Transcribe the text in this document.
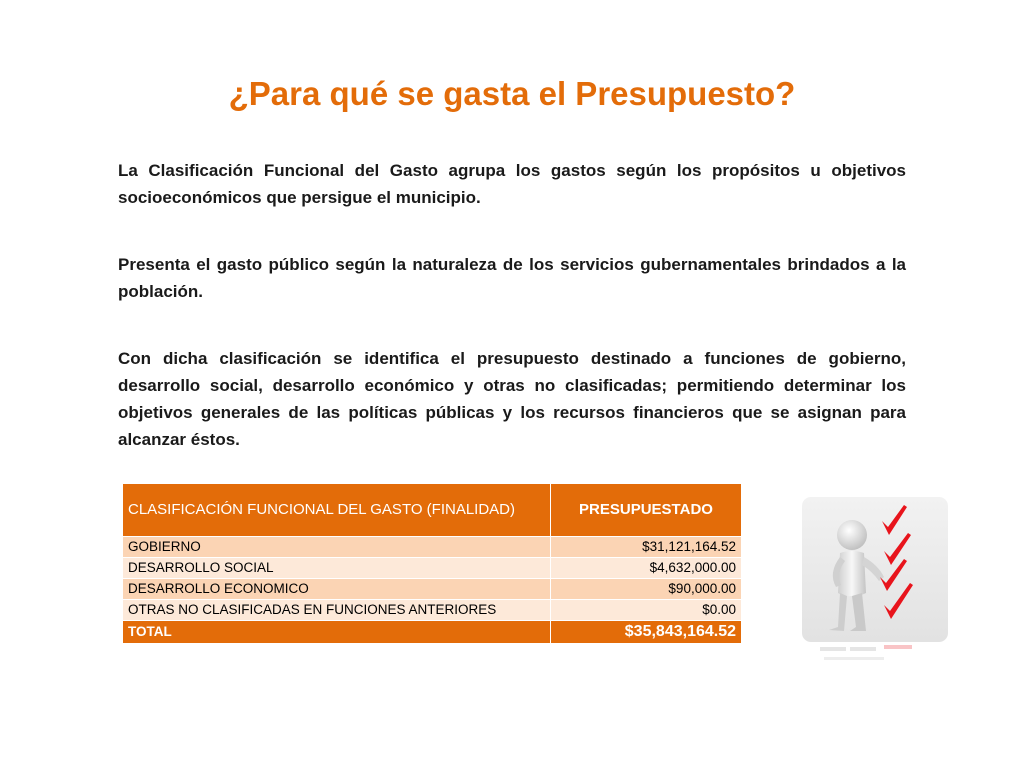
¿Para qué se gasta el Presupuesto?
La Clasificación Funcional del Gasto agrupa los gastos según los propósitos u objetivos socioeconómicos que persigue el municipio.
Presenta el gasto público según la naturaleza de los servicios gubernamentales brindados a la población.
Con dicha clasificación se identifica el presupuesto destinado a funciones de gobierno, desarrollo social, desarrollo económico y otras no clasificadas; permitiendo determinar los objetivos generales de las políticas públicas y los recursos financieros que se asignan para alcanzar éstos.
CLASIFICACIÓN FUNCIONAL DEL GASTO (FINALIDAD)	PRESUPUESTADO
GOBIERNO	$31,121,164.52
DESARROLLO SOCIAL	$4,632,000.00
DESARROLLO ECONOMICO	$90,000.00
OTRAS NO CLASIFICADAS EN FUNCIONES ANTERIORES	$0.00
TOTAL	$35,843,164.52
